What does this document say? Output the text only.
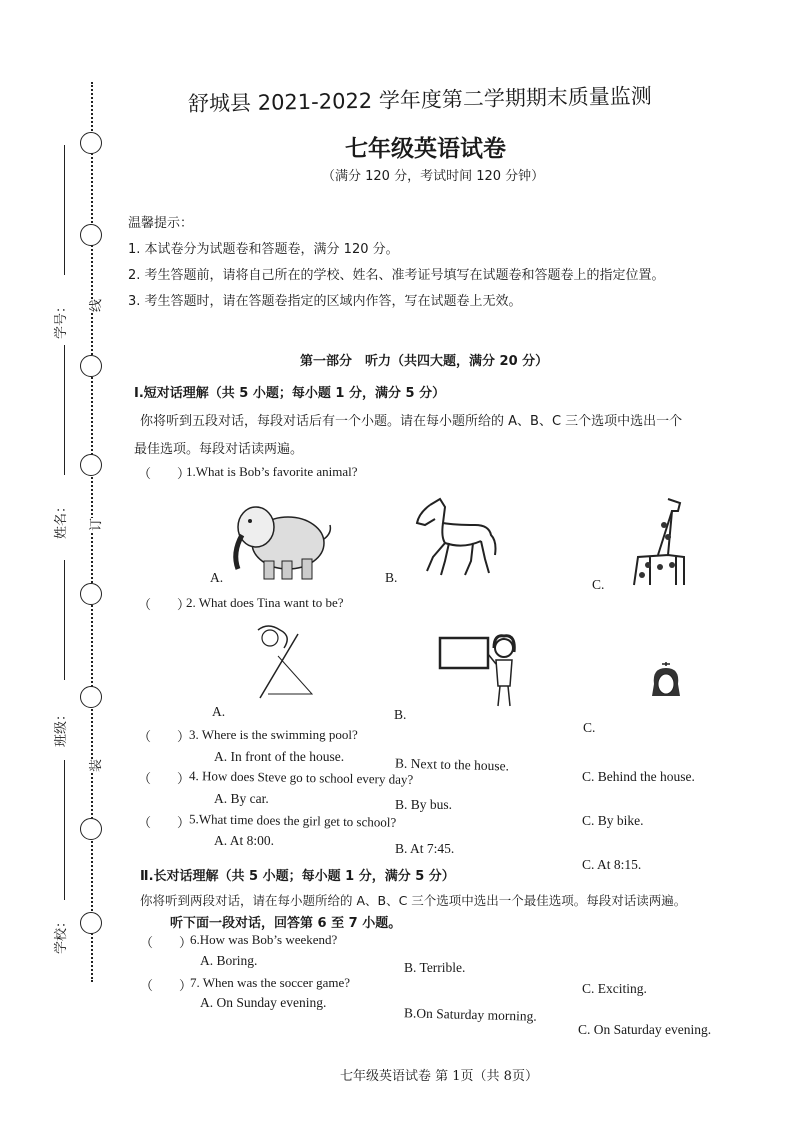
线
订
装
学号：
姓名：
班级：
学校：
舒城县 2021-2022 学年度第二学期期末质量监测
七年级英语试卷
（满分 120 分，考试时间 120 分钟）
温馨提示：
1. 本试卷分为试题卷和答题卷，满分 120 分。
2. 考生答题前，请将自己所在的学校、姓名、准考证号填写在试题卷和答题卷上的指定位置。
3. 考生答题时，请在答题卷指定的区域内作答，写在试题卷上无效。
第一部分　听力（共四大题，满分 20 分）
Ⅰ.短对话理解（共 5 小题；每小题 1 分，满分 5 分）
你将听到五段对话，每段对话后有一个小题。请在每小题所给的 A、B、C 三个选项中选出一个
最佳选项。每段对话读两遍。
（　　）
1.What is Bob’s favorite animal?
A.	B.	C.
（　　）
2. What does Tina want to be?
A.	B.
C.
（　　）
3. Where is the swimming pool?
A. In front of the house.	B. Next to the house.
C. Behind the house.
（　　）
4. How does Steve go to school every day?
A. By car.	B. By bus.
C. By bike.
（　　）
5.What time does the girl get to school?
A. At 8:00.
B. At 7:45.
C. At 8:15.
Ⅱ.长对话理解（共 5 小题；每小题 1 分，满分 5 分）
你将听到两段对话，请在每小题所给的 A、B、C 三个选项中选出一个最佳选项。每段对话读两遍。
听下面一段对话，回答第 6 至 7 小题。
（　　）
6.How was Bob’s weekend?
A. Boring.	B. Terrible.
C. Exciting.
（　　）
7. When was the soccer game?
A. On Sunday evening.
B.On Saturday morning.
C. On Saturday evening.
七年级英语试卷 第 1页（共 8页）
